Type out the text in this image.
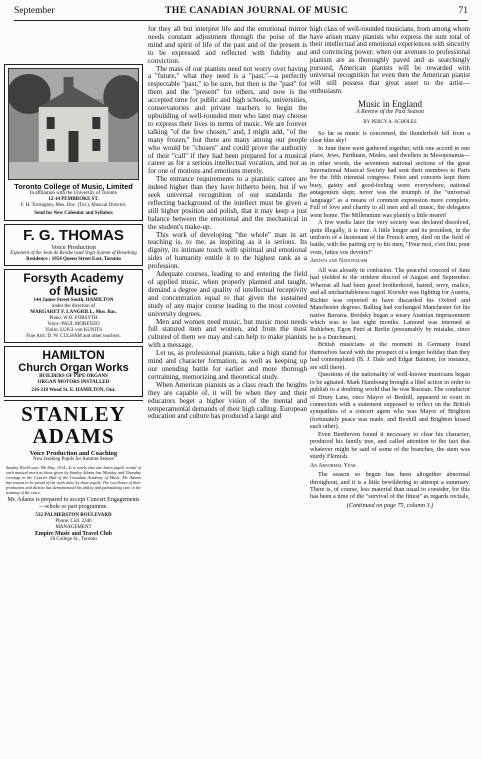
September	THE CANADIAN JOURNAL OF MUSIC	71
Toronto College of Music, Limited
In affiliation with the University of Toronto
12-14 PEMBROKE ST.
F. H. Torrington, Mus. Doc. (Tor.), Musical Director.
Send for New Calendar and Syllabus
F. G. THOMAS
Voice Production
Exponent of the Jean de Reszke (and Vogt) System of Breathing
Residence : 1054 Queen Street East, Toronto
Forsyth Academy
of Music
144 James Street South, HAMILTON
under the direction of
MARGARET F. LANGRILL, Mus. Bac.
Piano: W.O. FORSYTH
Voice: PAUL MORENZO
Violin: LUIGI von KUNITS
Fine Arts: D. W. CULHAM and other teachers.
HAMILTON
Church Organ Works
BUILDERS OF PIPE ORGANS
ORGAN MOTORS INSTALLED
216-218 Wood St. E. HAMILTON, Ont.
STANLEY
ADAMS
Voice Production and Coaching
Now booking Pupils for Autumn Season
Sunday World says, 9th May, 1914—It is rarely that one hears pupils recital of such musical merit as those given by Stanley Adams last Monday and Thursday evenings in the Concert Hall of the Canadian Academy of Music. Mr. Adams has reason to be proud of the work done by these pupils. The excellence of their production and diction has demonstrated his ability and painstaking care in the training of the voice.
Mr. Adams is prepared to accept Concert Engagements—whole or part programme.
532 PALMERSTON BOULEVARD
Phone: Coll. 2346
MANAGEMENT
Empire Music and Travel Club
26 College St., Toronto

for they all but interpret life and the emotional mirror needs constant adjustment through the poise of the mind and spirit of life of the past and of the present is to be expressed and reflected with fidelity and conviction.

The mass of our pianists need not worry over having a "future," what they need is a "past,"—a perfectly respectable "past," to be sure, but then is the "past" for them and the "present" for others, and now is the accepted time for public and high schools, universities, conservatories and private teachers to begin the upbuilding of well-rounded men who later may choose to express their lives in terms of music. We are forever talking "of the few chosen," and, I might add, "of the many frozen," but there are many among our people who would be "chosen" and could prove the authority of their "call" if they had been prepared for a musical career as for a serious intellectual vocation, and not as for one of motions and emotions merely.

The entrance requirements to a pianistic career are indeed higher than they have hitherto been, but if we seek universal recognition of our standards the reflecting background of the intellect must be given a still higher position and polish, that it may keep a just balance between the emotional and the mechanical in the student's make-up.

This work of developing "the whole" man in art teaching is, to me, as inspiring as it is serious. Its dignity, its intimate touch with spiritual and emotional sides of humanity entitle it to the highest rank as a profession.

Adequate courses, leading to and entering the field of applied music, when properly planned and taught, demand a degree and quality of intellectual receptivity and concentration equal to that given the sustained study of any major course leading to the most coveted university degrees.

Men and women need music, but music most needs full statured men and women, and from the most cultured of them we may and can help to make pianists with a message.

Let us, as professional pianists, take a high stand for mind and character formation, as well as keeping up our unending battle for earlier and more thorough certraining, memorizing and theoretical study.

When American pianists as a class reach the heights they are capable of, it will be when they and their educators beget a higher vision of the mental and temperamental demands of their high calling. European education and culture has produced a large and

high class of well-rounded musicians, from among whom have arisen many pianists who express the sum total of their intellectual and emotional experiences with sincerity and convincing power; when our avenues to professional pianism are as thoroughly paved and as searchingly pursued, American pianists will be rewarded with universal recognition for even then the American pianist will still possess that great asset to the artist—enthusiasm.

Music in England
A Review of the Past Season
BY PERCY A. SCHOLES

So far as music is concerned, the thunderbolt fell from a clear blue sky!

In June there were gathered together, with one accord in one place, Jews, Parthians, Medes, and dwellers in Mesopotamia—in other words, the seventeen national sections of the great International Musical Society had sent their members to Paris for the fifth triennial congress. Fetes and concerts kept them busy, gaiety and good-feeling were everywhere, national antagonism slept; never was the triumph of the "universal language" as a means of common expression more complete. Full of love and charity to all men and all music, the delegates went home. The Millennium was plainly a little nearer!

A few weeks later the very society was declared dissolved, quite illegally, it is true. A little longer and its president, in the uniform of a lieutenant of the French army, died on the field of battle, with the parting cry to his men, "Pour moi, c'est fini; pour vous, faites vos devoirs!"

Artists and Nationalism

All was already in confusion. The peaceful concord of June had yielded to the strident discord of August and September. Whereat all had been good brotherhood, hatred, envy, malice, and all uncharitableness raged. Kreisler was fighting for Austria, Richter was reported to have discarded his Oxford and Manchester degrees. Balling had exchanged Manchester for his native Bavaria. Brodsky began a weary Austrian imprisonment which was to last eight months. Lamond was interned at Ruhleben, Egon Petri at Berlin (presumably by mistake, since he is a Dutchman).

British musicians at the moment in Germany found themselves faced with the prospect of a longer holiday than they had contemplated (B. J. Dale and Edgar Bainton, for instance, are still there).

Questions of the nationality of well-known musicians began to be agitated. Mark Hambourg brought a libel action in order to publish to a doubting world that he was Russian. The conductor of Drury Lane, once Mayor of Bexhill, appeared in court in connection with a statement supposed to reflect on the British sympathies of a concert agent who was Mayor of Brighton (fortunately peace was made, and Bexhill and Brighton kissed each other).

Even Beethoven found it necessary to clear his character, produced his family tree, and called attention to the fact that whatever might be said of some of the branches, the stem was sturdy Flemish.

An Abnormal Year

The season so begun has been altogether abnormal throughout, and it is a little bewildering to attempt a summary. There is, of course, less material than usual to consider, for this has been a time of the "survival of the fittest" as regards recitals,

(Continued on page 75, column 3.)
